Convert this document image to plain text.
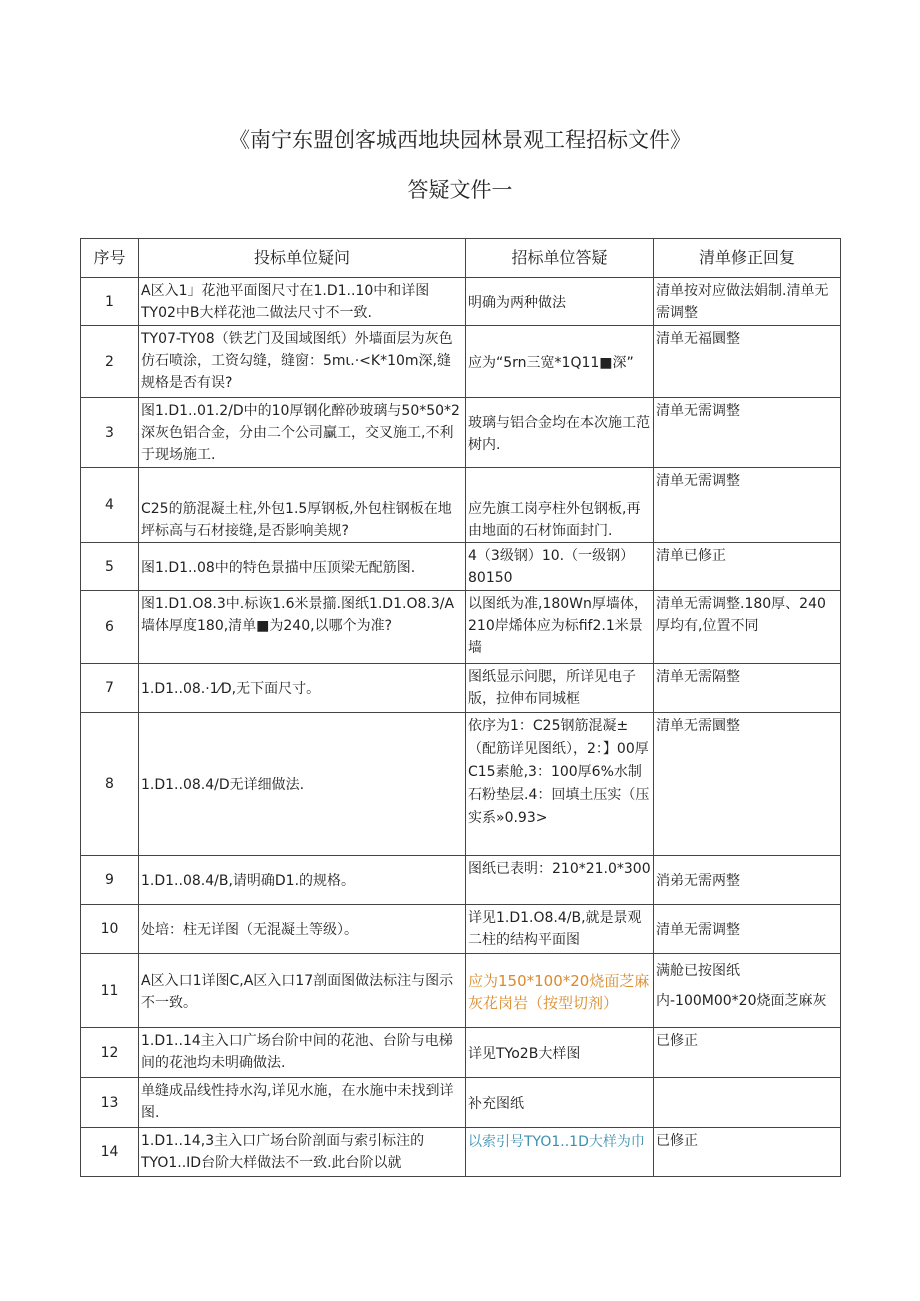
《南宁东盟创客城西地块园林景观工程招标文件》
答疑文件一
序号	投标单位疑问	招标单位答疑	清单修正回复
1	A区入1」花池平面图尺寸在1.D1..10中和详图TY02中B大样花池二做法尺寸不一致.	明确为两种做法	清单按对应做法娟制.清单无需调整

2	TY07-TY08（铁艺门及国域图纸）外墙面层为灰色仿石喷涂，工资勾缝，缝窗：5mι.·<K*10m深,缝规格是否有误?	应为“5rn三宽*1Q11■深”	清单无福圜整

3	图1.D1..01.2/D中的10厚钢化醉砂玻璃与50*50*2深灰色铝合金，分由二个公司臝工，交叉施工,不利于现场施工.	玻璃与铝合金均在本次施工范树内.	清单无需调整

4	C25的筋混凝土柱,外包1.5厚钢板,外包柱钢板在地坪标高与石材接缝,是否影响美规?	应先旗工岗亭柱外包钢板,再由地面的石材饰面封门.	清单无需调整

5	图1.D1..08中的特色景描中压顶梁无配筋图.	4（3级钢）10.（一级钢）80150	清单已修正

6	图1.D1.O8.3中.标诙1.6米景擶.图纸1.D1.O8.3/A墙体厚度180,清单■为240,以哪个为准?	以图纸为准,180Wn厚墙体，210岸烯体应为标fif2.1米景墙	清单无需调整.180厚、240厚均有,位置不同

7	1.D1..08.·1⁄D,无下面尺寸。	图纸显示问腮，所详见电子版，拉伸布同城框	清单无需隔整

8	1.D1..08.4/D无详细做法.	依序为1：C25钢筋混凝±（配筋详见图纸），2：】00厚C15素舱,3：100厚6%水制石粉垫层.4：回填土压实（压实系»0.93>	清单无需圜整

9	1.D1..08.4/B,请明确D1.的规格。	图纸已表明：210*21.0*300	消弟无需两整

10	处培：柱无详图（无混凝土等级）。	详见1.D1.O8.4/B,就是景观二柱的结构平面图	清单无需调整

11	A区入口1详图C,A区入口17剖面图做法标注与图示不一致。	应为150*100*20烧面芝麻灰花岗岩（按型切剂）	满舱已按图纸内-100M00*20烧面芝麻灰

12	1.D1..14主入口广场台阶中间的花池、台阶与电梯间的花池均未明确做法.	详见TYo2B大样图	已修正

13	单缝成品线性持水沟,详见水施，在水施中未找到详图.	补充图纸	

14	1.D1..14,3主入口广场台阶剖面与索引标注的TYO1..ID台阶大样做法不一致.此台阶以就	以索引号TYO1..1D大样为巾	已修正
